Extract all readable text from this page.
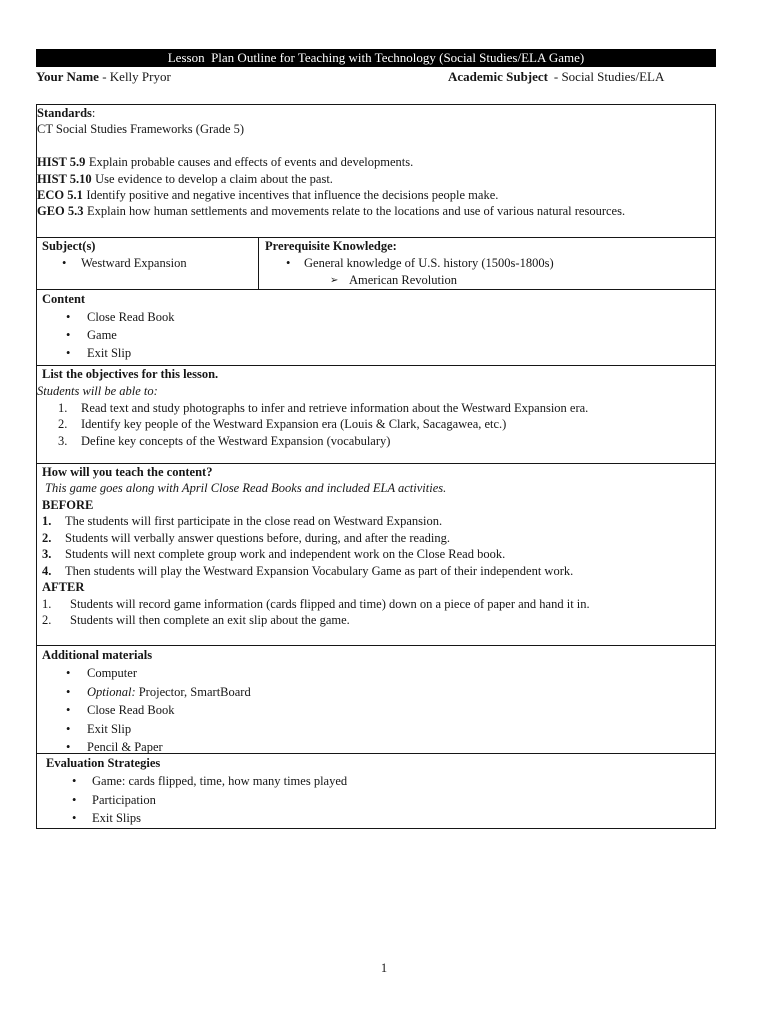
Lesson  Plan Outline for Teaching with Technology (Social Studies/ELA Game)
Your Name - Kelly Pryor	Academic Subject - Social Studies/ELA
Standards:
CT Social Studies Frameworks (Grade 5)
HIST 5.9 Explain probable causes and effects of events and developments.
HIST 5.10 Use evidence to develop a claim about the past.
ECO 5.1 Identify positive and negative incentives that influence the decisions people make.
GEO 5.3 Explain how human settlements and movements relate to the locations and use of various natural resources.
Subject(s)
• Westward Expansion
Prerequisite Knowledge:
• General knowledge of U.S. history (1500s-1800s)
➢ American Revolution
Content
• Close Read Book
• Game
• Exit Slip
List the objectives for this lesson.
Students will be able to:
1. Read text and study photographs to infer and retrieve information about the Westward Expansion era.
2. Identify key people of the Westward Expansion era (Louis & Clark, Sacagawea, etc.)
3. Define key concepts of the Westward Expansion (vocabulary)
How will you teach the content?
This game goes along with April Close Read Books and included ELA activities.
BEFORE
1. The students will first participate in the close read on Westward Expansion.
2. Students will verbally answer questions before, during, and after the reading.
3. Students will next complete group work and independent work on the Close Read book.
4. Then students will play the Westward Expansion Vocabulary Game as part of their independent work.
AFTER
1. Students will record game information (cards flipped and time) down on a piece of paper and hand it in.
2. Students will then complete an exit slip about the game.
Additional materials
• Computer
• Optional: Projector, SmartBoard
• Close Read Book
• Exit Slip
• Pencil & Paper
Evaluation Strategies
• Game: cards flipped, time, how many times played
• Participation
• Exit Slips
1
